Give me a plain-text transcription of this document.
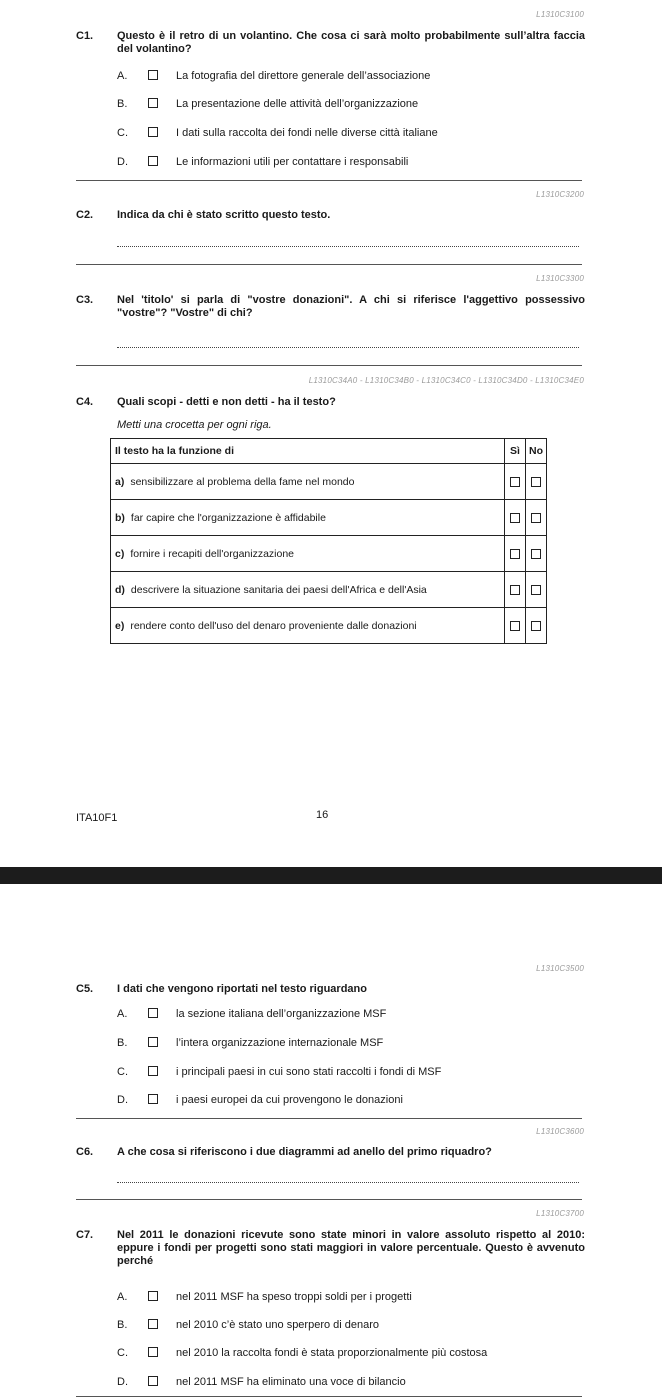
L1310C3100
C1. Questo è il retro di un volantino. Che cosa ci sarà molto probabilmente sull’altra faccia del volantino?
A.	La fotografia del direttore generale dell’associazione
B.	La presentazione delle attività dell’organizzazione
C.	I dati sulla raccolta dei fondi nelle diverse città italiane
D.	Le informazioni utili per contattare i responsabili
L1310C3200
C2. Indica da chi è stato scritto questo testo.
L1310C3300
C3. Nel 'titolo' si parla di "vostre donazioni". A chi si riferisce l'aggettivo possessivo "vostre"? "Vostre" di chi?
L1310C34A0 - L1310C34B0 - L1310C34C0 - L1310C34D0 - L1310C34E0
C4. Quali scopi - detti e non detti - ha il testo?
Metti una crocetta per ogni riga.
Il testo ha la funzione di	Sì	No
a) sensibilizzare al problema della fame nel mondo		
b) far capire che l'organizzazione è affidabile		
c) fornire i recapiti dell'organizzazione		
d) descrivere la situazione sanitaria dei paesi dell'Africa e dell'Asia		
e) rendere conto dell'uso del denaro proveniente dalle donazioni		
ITA10F1	16
L1310C3500
C5. I dati che vengono riportati nel testo riguardano
A.	la sezione italiana dell’organizzazione MSF
B.	l’intera organizzazione internazionale MSF
C.	i principali paesi in cui sono stati raccolti i fondi di MSF
D.	i paesi europei da cui provengono le donazioni
L1310C3600
C6. A che cosa si riferiscono i due diagrammi ad anello del primo riquadro?
L1310C3700
C7. Nel 2011 le donazioni ricevute sono state minori in valore assoluto rispetto al 2010: eppure i fondi per progetti sono stati maggiori in valore percentuale. Questo è avvenuto perché
A.	nel 2011 MSF ha speso troppi soldi per i progetti
B.	nel 2010 c’è stato uno sperpero di denaro
C.	nel 2010 la raccolta fondi è stata proporzionalmente più costosa
D.	nel 2011 MSF ha eliminato una voce di bilancio
